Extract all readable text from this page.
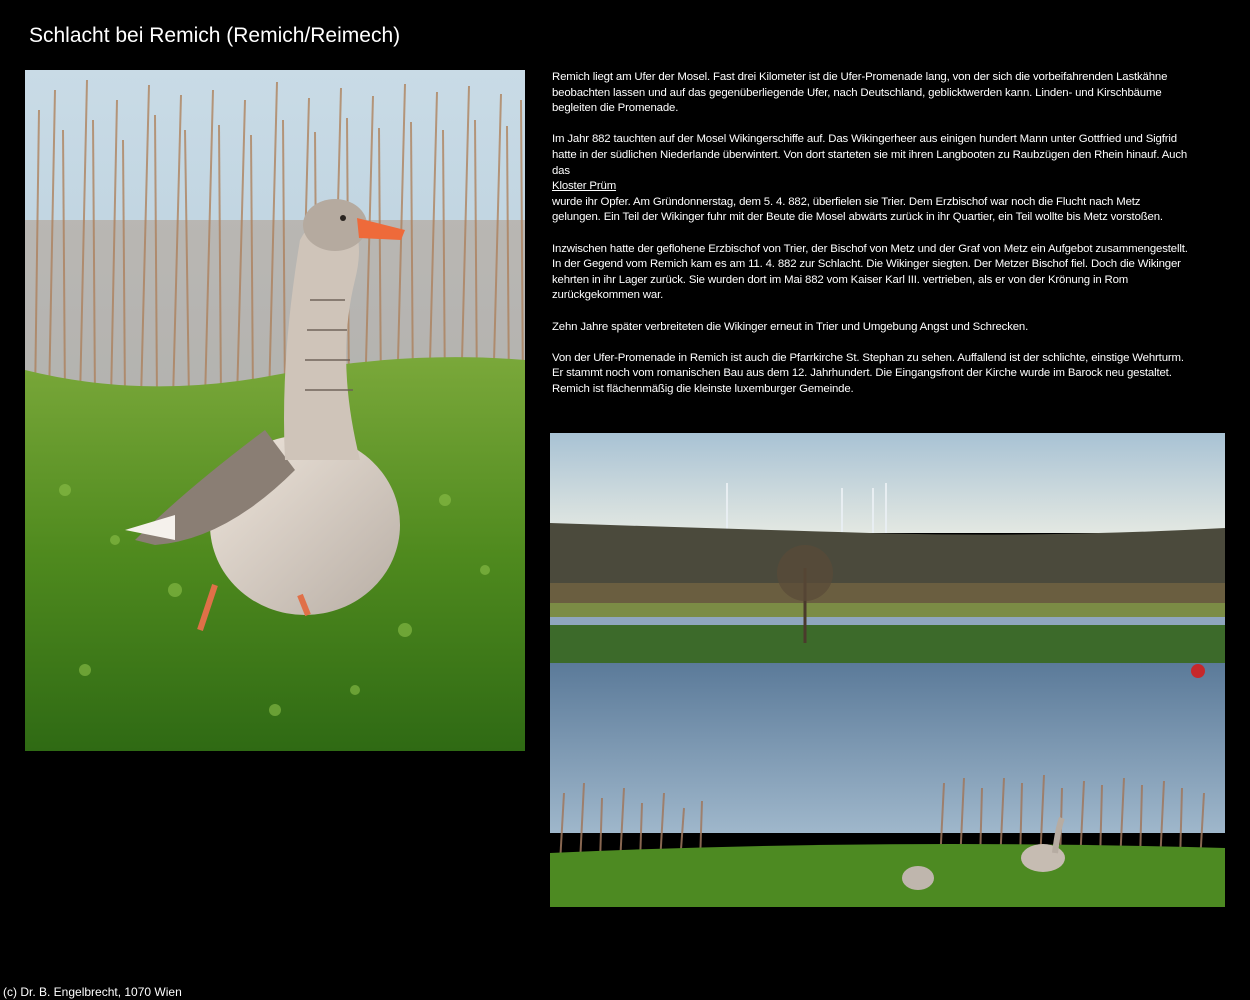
Schlacht bei Remich (Remich/Reimech)

Remich liegt am Ufer der Mosel. Fast drei Kilometer ist die Ufer-Promenade lang, von der sich die vorbeifahrenden Lastkähne beobachten lassen und auf das gegenüberliegende Ufer, nach Deutschland, geblicktwerden kann. Linden- und Kirschbäume begleiten die Promenade.

Im Jahr 882 tauchten auf der Mosel Wikingerschiffe auf. Das Wikingerheer aus einigen hundert Mann unter Gottfried und Sigfrid hatte in der südlichen Niederlande überwintert. Von dort starteten sie mit ihren Langbooten zu Raubzügen den Rhein hinauf. Auch das
Kloster Prüm
wurde ihr Opfer. Am Gründonnerstag, dem 5. 4. 882, überfielen sie Trier. Dem Erzbischof war noch die Flucht nach Metz gelungen. Ein Teil der Wikinger fuhr mit der Beute die Mosel abwärts zurück in ihr Quartier, ein Teil wollte bis Metz vorstoßen.

Inzwischen hatte der geflohene Erzbischof von Trier, der Bischof von Metz und der Graf von Metz ein Aufgebot zusammengestellt. In der Gegend vom Remich kam es am 11. 4. 882 zur Schlacht. Die Wikinger siegten. Der Metzer Bischof fiel. Doch die Wikinger kehrten in ihr Lager zurück. Sie wurden dort im Mai 882 vom Kaiser Karl III. vertrieben, als er von der Krönung in Rom zurückgekommen war.

Zehn Jahre später verbreiteten die Wikinger erneut in Trier und Umgebung Angst und Schrecken.

Von der Ufer-Promenade in Remich ist auch die Pfarrkirche St. Stephan zu sehen. Auffallend ist der schlichte, einstige Wehrturm. Er stammt noch vom romanischen Bau aus dem 12. Jahrhundert. Die Eingangsfront der Kirche wurde im Barock neu gestaltet. Remich ist flächenmäßig die kleinste luxemburger Gemeinde.

(c) Dr. B. Engelbrecht, 1070 Wien
